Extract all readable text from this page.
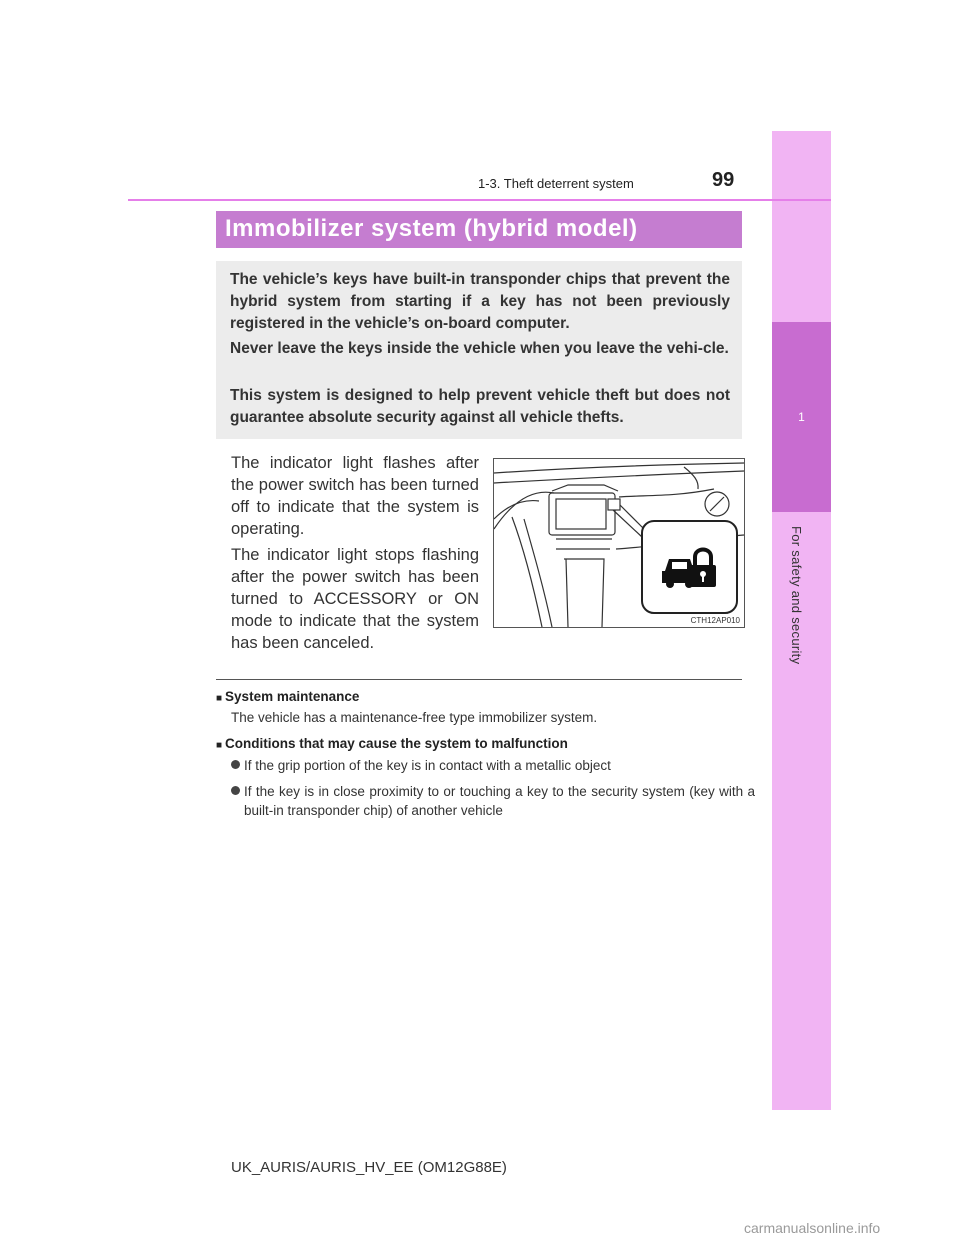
1
For safety and security
1-3. Theft deterrent system	99
Immobilizer system (hybrid model)

The vehicle’s keys have built-in transponder chips that prevent the hybrid system from starting if a key has not been previously registered in the vehicle’s on-board computer.

Never leave the keys inside the vehicle when you leave the vehi-cle.

This system is designed to help prevent vehicle theft but does not guarantee absolute security against all vehicle thefts.

The indicator light flashes after the power switch has been turned off to indicate that the system is operating.

The indicator light stops flashing after the power switch has been turned to ACCESSORY or ON mode to indicate that the system has been canceled.

CTH12AP010

■ System maintenance

The vehicle has a maintenance-free type immobilizer system.

■ Conditions that may cause the system to malfunction

If the grip portion of the key is in contact with a metallic object
If the key is in close proximity to or touching a key to the security system (key with a built-in transponder chip) of another vehicle
UK_AURIS/AURIS_HV_EE (OM12G88E)
carmanualsonline.info
